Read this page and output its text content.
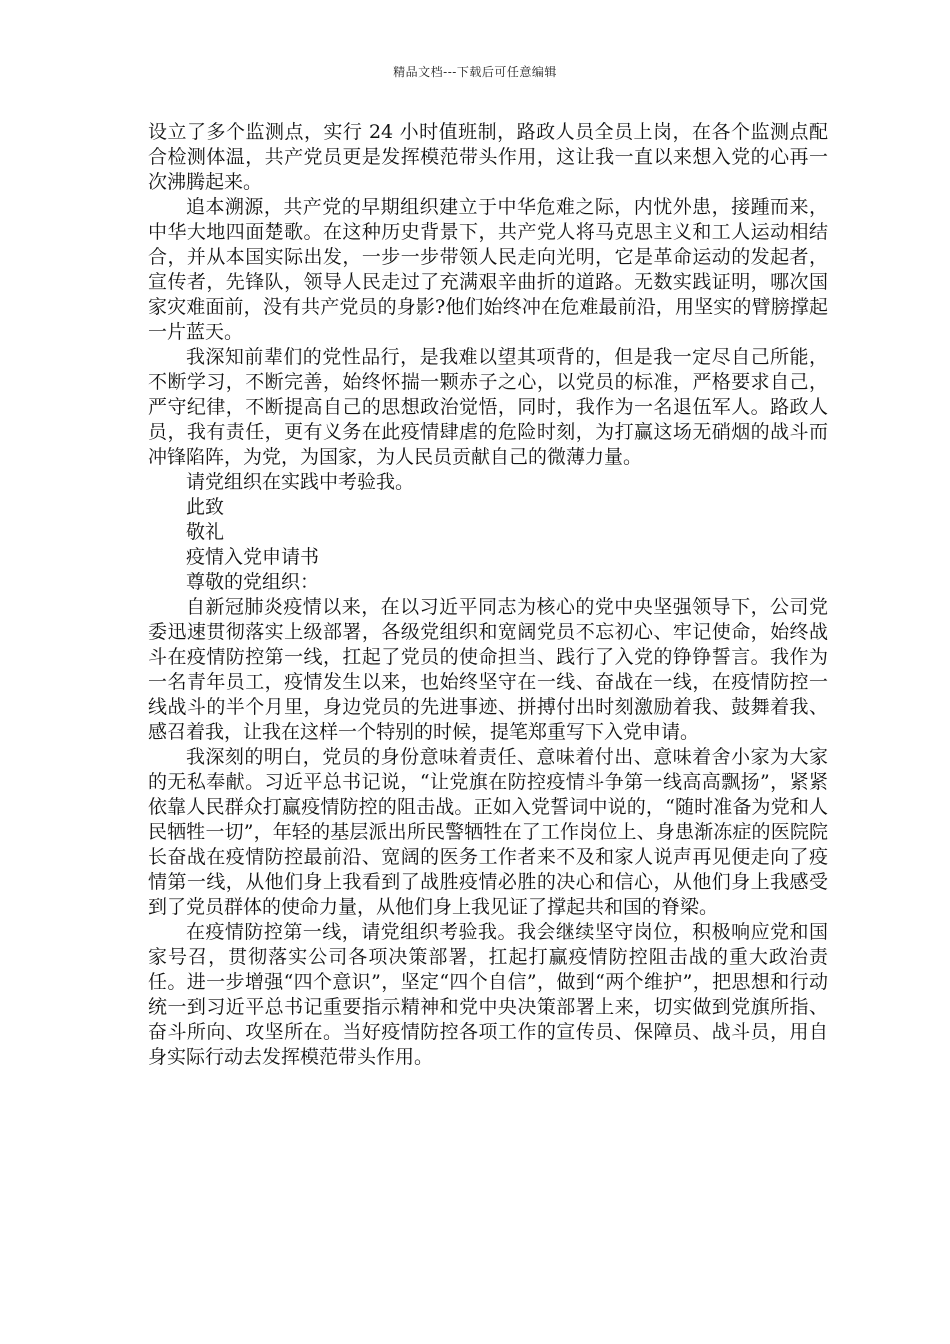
精品文档---下载后可任意编辑

设立了多个监测点，实行 24 小时值班制，路政人员全员上岗，在各个监测点配合检测体温，共产党员更是发挥模范带头作用，这让我一直以来想入党的心再一次沸腾起来。

追本溯源，共产党的早期组织建立于中华危难之际，内忧外患，接踵而来，中华大地四面楚歌。在这种历史背景下，共产党人将马克思主义和工人运动相结合，并从本国实际出发，一步一步带领人民走向光明，它是革命运动的发起者，宣传者，先锋队，领导人民走过了充满艰辛曲折的道路。无数实践证明，哪次国家灾难面前，没有共产党员的身影?他们始终冲在危难最前沿，用坚实的臂膀撑起一片蓝天。

我深知前辈们的党性品行，是我难以望其项背的，但是我一定尽自己所能，不断学习，不断完善，始终怀揣一颗赤子之心，以党员的标准，严格要求自己，严守纪律，不断提高自己的思想政治觉悟，同时，我作为一名退伍军人。路政人员，我有责任，更有义务在此疫情肆虐的危险时刻，为打赢这场无硝烟的战斗而冲锋陷阵，为党，为国家，为人民员贡献自己的微薄力量。

请党组织在实践中考验我。

此致

敬礼

疫情入党申请书

尊敬的党组织：

自新冠肺炎疫情以来，在以习近平同志为核心的党中央坚强领导下，公司党委迅速贯彻落实上级部署，各级党组织和宽阔党员不忘初心、牢记使命，始终战斗在疫情防控第一线，扛起了党员的使命担当、践行了入党的铮铮誓言。我作为一名青年员工，疫情发生以来，也始终坚守在一线、奋战在一线，在疫情防控一线战斗的半个月里，身边党员的先进事迹、拼搏付出时刻激励着我、鼓舞着我、感召着我，让我在这样一个特别的时候，提笔郑重写下入党申请。

我深刻的明白，党员的身份意味着责任、意味着付出、意味着舍小家为大家的无私奉献。习近平总书记说，“让党旗在防控疫情斗争第一线高高飘扬”，紧紧依靠人民群众打赢疫情防控的阻击战。正如入党誓词中说的，“随时准备为党和人民牺牲一切”，年轻的基层派出所民警牺牲在了工作岗位上、身患渐冻症的医院院长奋战在疫情防控最前沿、宽阔的医务工作者来不及和家人说声再见便走向了疫情第一线，从他们身上我看到了战胜疫情必胜的决心和信心，从他们身上我感受到了党员群体的使命力量，从他们身上我见证了撑起共和国的脊梁。

在疫情防控第一线，请党组织考验我。我会继续坚守岗位，积极响应党和国家号召，贯彻落实公司各项决策部署，扛起打赢疫情防控阻击战的重大政治责任。进一步增强“四个意识”，坚定“四个自信”，做到“两个维护”，把思想和行动统一到习近平总书记重要指示精神和党中央决策部署上来，切实做到党旗所指、奋斗所向、攻坚所在。当好疫情防控各项工作的宣传员、保障员、战斗员，用自身实际行动去发挥模范带头作用。
